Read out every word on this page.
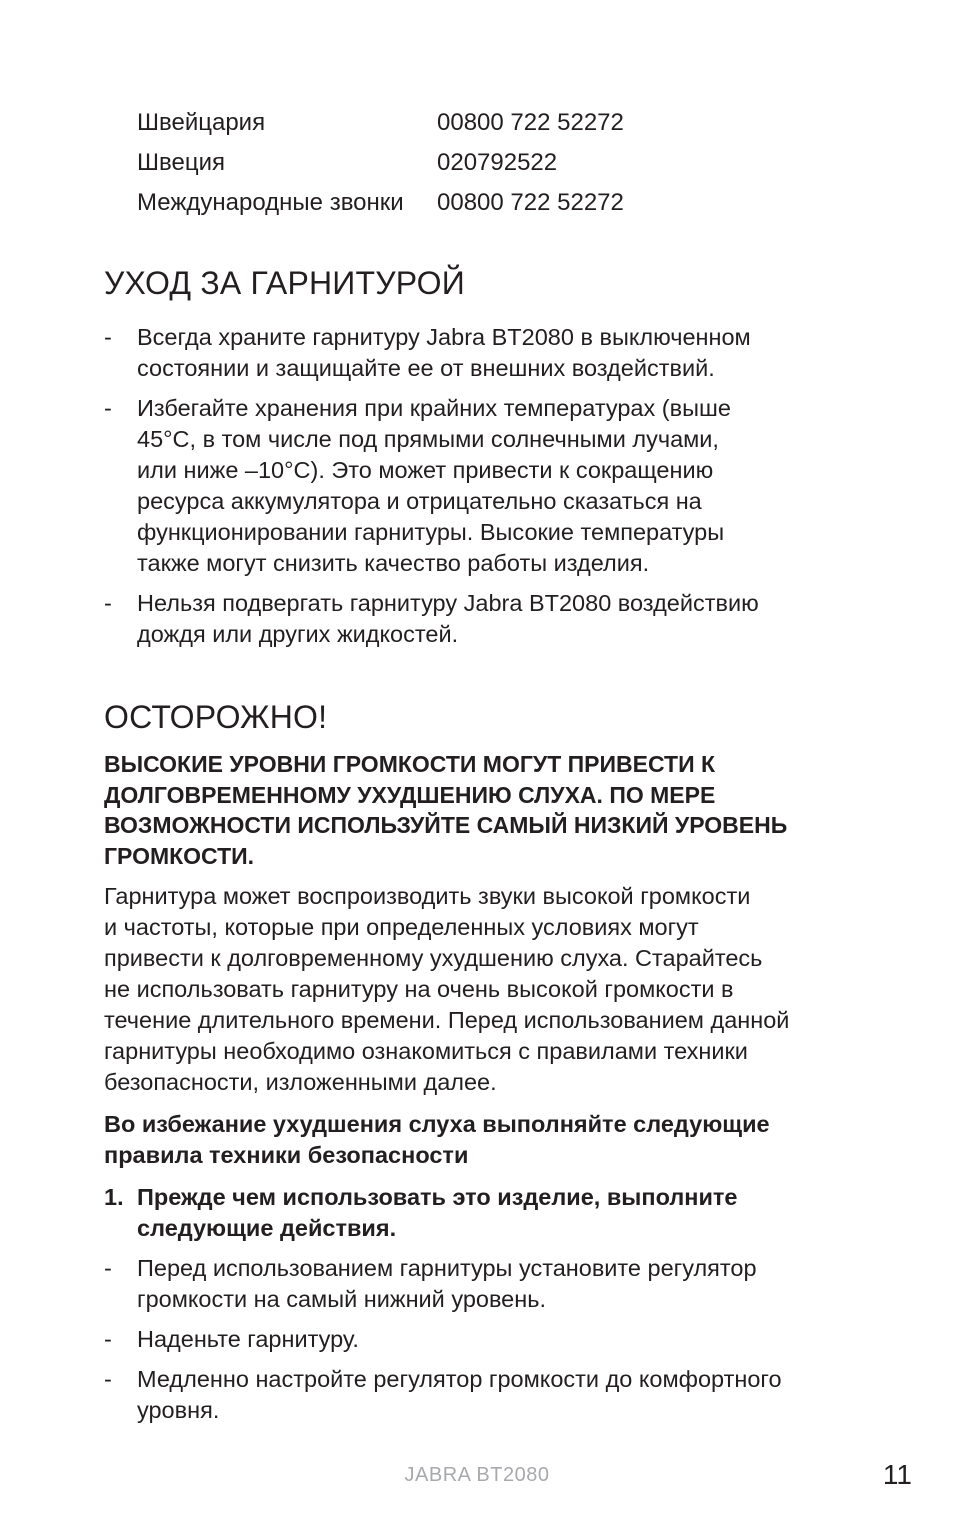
Швейцария	00800 722 52272
Швеция	020792522
Международные звонки	00800 722 52272
УХОД ЗА ГАРНИТУРОЙ
-	Всегда храните гарнитуру Jabra BT2080 в выключенном
состоянии и защищайте ее от внешних воздействий.
-	Избегайте хранения при крайних температурах (выше
45°C, в том числе под прямыми солнечными лучами,
или ниже –10°C). Это может привести к сокращению
ресурса аккумулятора и отрицательно сказаться на
функционировании гарнитуры. Высокие температуры
также могут снизить качество работы изделия.
-	Нельзя подвергать гарнитуру Jabra BT2080 воздействию
дождя или других жидкостей.
ОСТОРОЖНО!
ВЫСОКИЕ УРОВНИ ГРОМКОСТИ МОГУТ ПРИВЕСТИ К
ДОЛГОВРЕМЕННОМУ УХУДШЕНИЮ СЛУХА. ПО МЕРЕ
ВОЗМОЖНОСТИ ИСПОЛЬЗУЙТЕ САМЫЙ НИЗКИЙ УРОВЕНЬ
ГРОМКОСТИ.
Гарнитура может воспроизводить звуки высокой громкости
и частоты, которые при определенных условиях могут
привести к долговременному ухудшению слуха. Старайтесь
не использовать гарнитуру на очень высокой громкости в
течение длительного времени. Перед использованием данной
гарнитуры необходимо ознакомиться с правилами техники
безопасности, изложенными далее.
Во избежание ухудшения слуха выполняйте следующие
правила техники безопасности
1. Прежде чем использовать это изделие, выполните
следующие действия.
-	Перед использованием гарнитуры установите регулятор
громкости на самый нижний уровень.
-	Наденьте гарнитуру.
-	Медленно настройте регулятор громкости до комфортного
уровня.
JABRA BT2080	11
